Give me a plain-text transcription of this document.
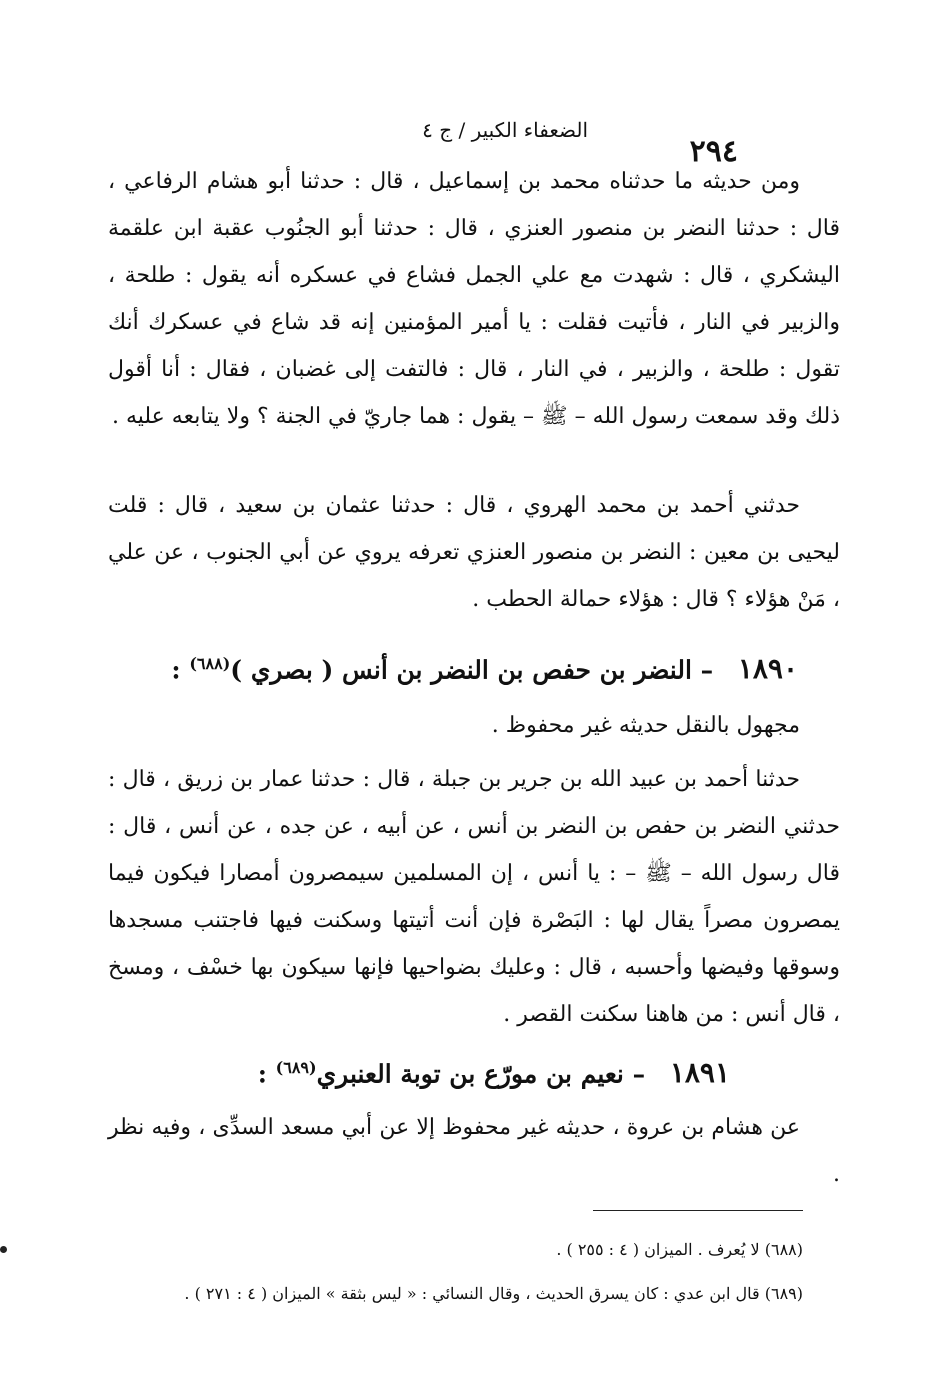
الضعفاء الكبير / ج ٤
٢٩٤

ومن حديثه ما حدثناه محمد بن إسماعيل ، قال : حدثنا أبو هشام الرفاعي ، قال : حدثنا النضر بن منصور العنزي ، قال : حدثنا أبو الجنُوب عقبة ابن علقمة اليشكري ، قال : شهدت مع علي الجمل فشاع في عسكره أنه يقول : طلحة ، والزبير في النار ، فأتيت فقلت : يا أمير المؤمنين إنه قد شاع في عسكرك أنك تقول : طلحة ، والزبير ، في النار ، قال : فالتفت إلى غضبان ، فقال : أنا أقول ذلك وقد سمعت رسول الله – ﷺ – يقول : هما جاريّ في الجنة ؟ ولا يتابعه عليه .

حدثني أحمد بن محمد الهروي ، قال : حدثنا عثمان بن سعيد ، قال : قلت ليحيى بن معين : النضر بن منصور العنزي تعرفه يروي عن أبي الجنوب ، عن علي ، مَنْ هؤلاء ؟ قال : هؤلاء حمالة الحطب .

١٨٩٠ – النضر بن حفص بن النضر بن أنس ( بصري )$^{(٦٨٨)}$ :

مجهول بالنقل حديثه غير محفوظ .

حدثنا أحمد بن عبيد الله بن جرير بن جبلة ، قال : حدثنا عمار بن زريق ، قال : حدثني النضر بن حفص بن النضر بن أنس ، عن أبيه ، عن جده ، عن أنس ، قال : قال رسول الله – ﷺ – : يا أنس ، إن المسلمين سيمصرون أمصارا فيكون فيما يمصرون مصراً يقال لها : البَصْرة فإن أنت أتيتها وسكنت فيها فاجتنب مسجدها وسوقها وفيضها وأحسبه ، قال : وعليك بضواحيها فإنها سيكون بها خسْف ، ومسخ ، قال أنس : من هاهنا سكنت القصر .

١٨٩١ – نعيم بن مورّع بن توبة العنبري$^{(٦٨٩)}$ :

عن هشام بن عروة ، حديثه غير محفوظ إلا عن أبي مسعد السدِّى ، وفيه نظر .

(٦٨٨) لا يُعرف . الميزان ( ٤ : ٢٥٥ ) .
(٦٨٩) قال ابن عدي : كان يسرق الحديث ، وقال النسائي : « ليس بثقة » الميزان ( ٤ : ٢٧١ ) .
